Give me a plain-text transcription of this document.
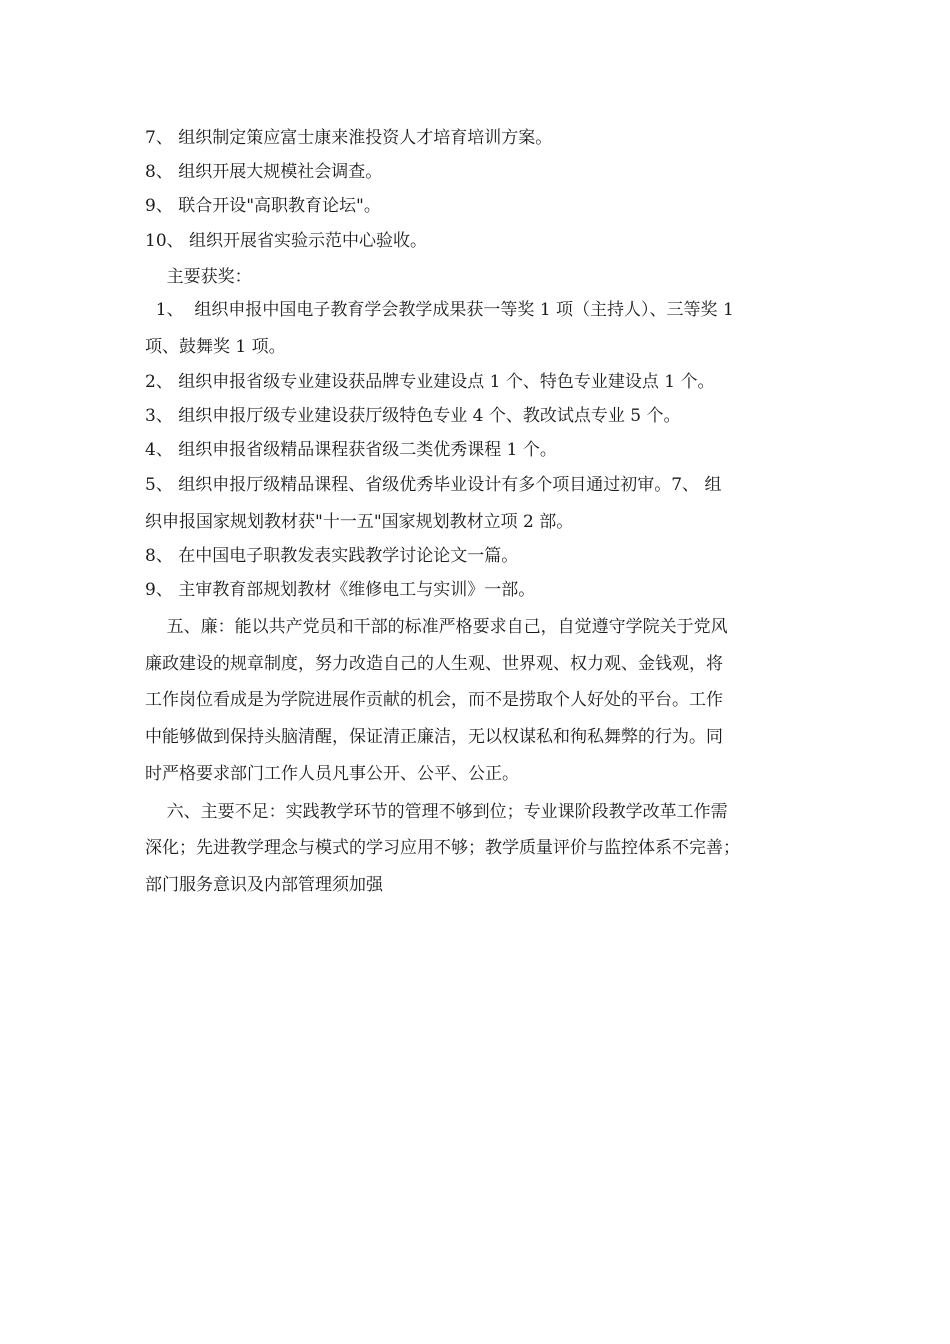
7、 组织制定策应富士康来淮投资人才培育培训方案。
8、 组织开展大规模社会调查。
9、 联合开设"高职教育论坛"。
10、 组织开展省实验示范中心验收。
主要获奖：
1、  组织申报中国电子教育学会教学成果获一等奖 1 项（主持人）、三等奖 1
项、鼓舞奖 1 项。
2、 组织申报省级专业建设获品牌专业建设点 1 个、特色专业建设点 1 个。
3、 组织申报厅级专业建设获厅级特色专业 4 个、教改试点专业 5 个。
4、 组织申报省级精品课程获省级二类优秀课程 1 个。
5、 组织申报厅级精品课程、省级优秀毕业设计有多个项目通过初审。7、 组
织申报国家规划教材获"十一五"国家规划教材立项 2 部。
8、 在中国电子职教发表实践教学讨论论文一篇。
9、 主审教育部规划教材《维修电工与实训》一部。
五、廉：能以共产党员和干部的标准严格要求自己，自觉遵守学院关于党风
廉政建设的规章制度，努力改造自己的人生观、世界观、权力观、金钱观，将
工作岗位看成是为学院进展作贡献的机会，而不是捞取个人好处的平台。工作
中能够做到保持头脑清醒，保证清正廉洁，无以权谋私和徇私舞弊的行为。同
时严格要求部门工作人员凡事公开、公平、公正。
六、主要不足：实践教学环节的管理不够到位；专业课阶段教学改革工作需
深化；先进教学理念与模式的学习应用不够；教学质量评价与监控体系不完善；
部门服务意识及内部管理须加强
